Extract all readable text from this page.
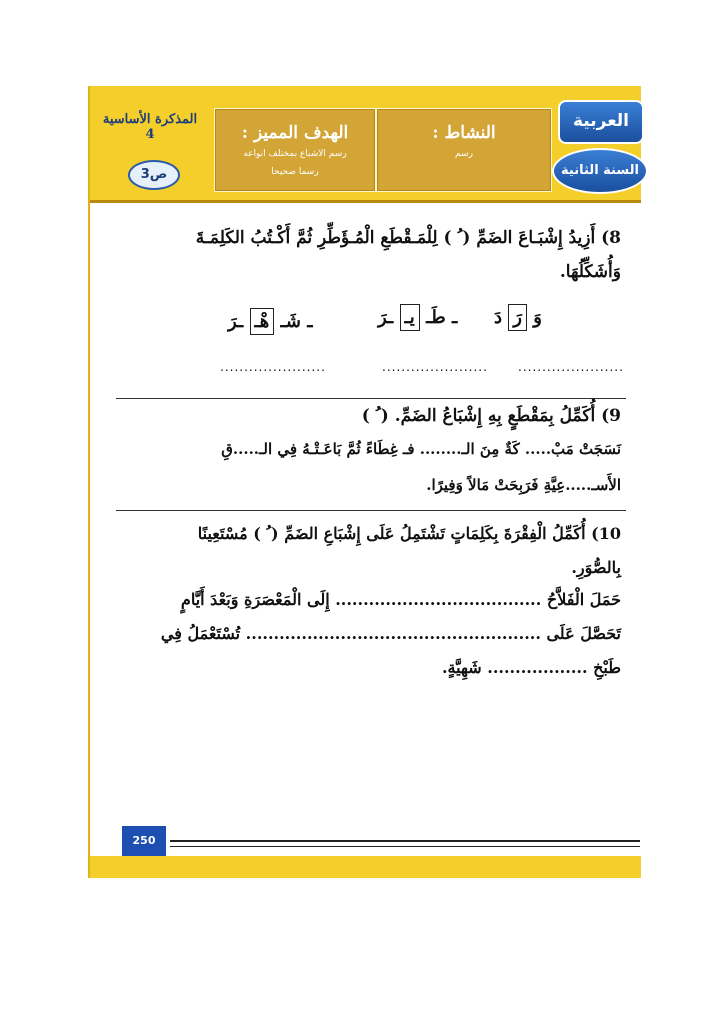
المذكرة الأساسية 4
3ص
الهدف المميز :
رسم الاشباع بمختلف انواعه
رسما صحيحا
النشاط :
رسم
العربية
السنة الثانية
8) أَزِيدُ إِشْبَـاعَ الضَمِّ ( ُ ) لِلْمَـقْطَعِ الْمُـؤَطِّرِ ثُمَّ أَكْـتُبُ الكَلِمَـةَ
وَأُشَكِّلُهَا.
وَ رَ دَ
ـ طَـ يـ ـرَ
ـ شَـ هْـ ـرَ
......................
......................
......................
9) أُكَمِّلُ بِمَقْطَعٍ بِهِ إِشْبَاعُ الضَمِّ. ( ُ )
نَسَجَتْ مَبْ..... كَةٌ مِنَ الـ........ فـ غِطَاءً ثُمَّ بَاعَـتْـهُ فِي الـ.....قِ
الأَسـ.....عِيَّةِ فَرَبِحَتْ مَالاً وَفِيرًا.
10) أُكَمِّلُ الْفِقْرَةَ بِكَلِمَاتٍ تَشْتَمِلُ عَلَى إِشْبَاعِ الضَمِّ ( ُ ) مُسْتَعِينًا
بِالصُّوَرِ.
حَمَلَ الْفَلاَّحُ ..................................... إِلَى الْمَعْصَرَةِ وَبَعْدَ أَيَّامٍ
تَحَصَّلَ عَلَى ..................................................... تُسْتَعْمَلُ فِي
طَبْخِ .................. شَهِيَّةٍ.
250
